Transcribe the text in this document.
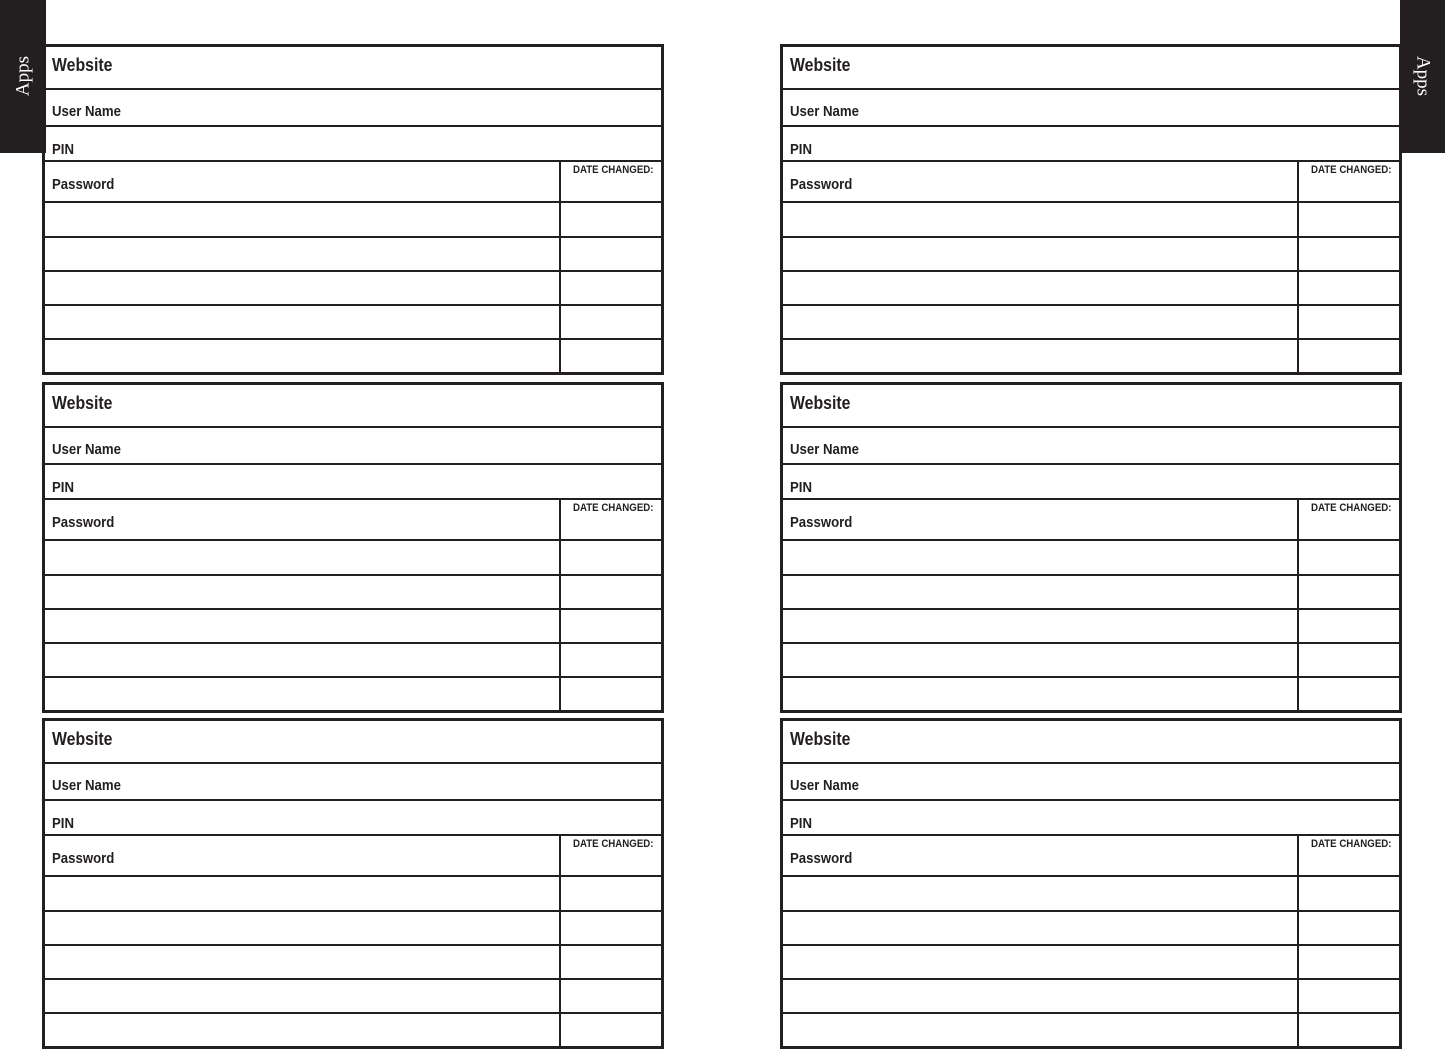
Apps	Apps
Website
User Name
PIN
Password
DATE CHANGED:
Website
User Name
PIN
Password
DATE CHANGED:
Website
User Name
PIN
Password
DATE CHANGED:
Website
User Name
PIN
Password
DATE CHANGED:
Website
User Name
PIN
Password
DATE CHANGED:
Website
User Name
PIN
Password
DATE CHANGED:
